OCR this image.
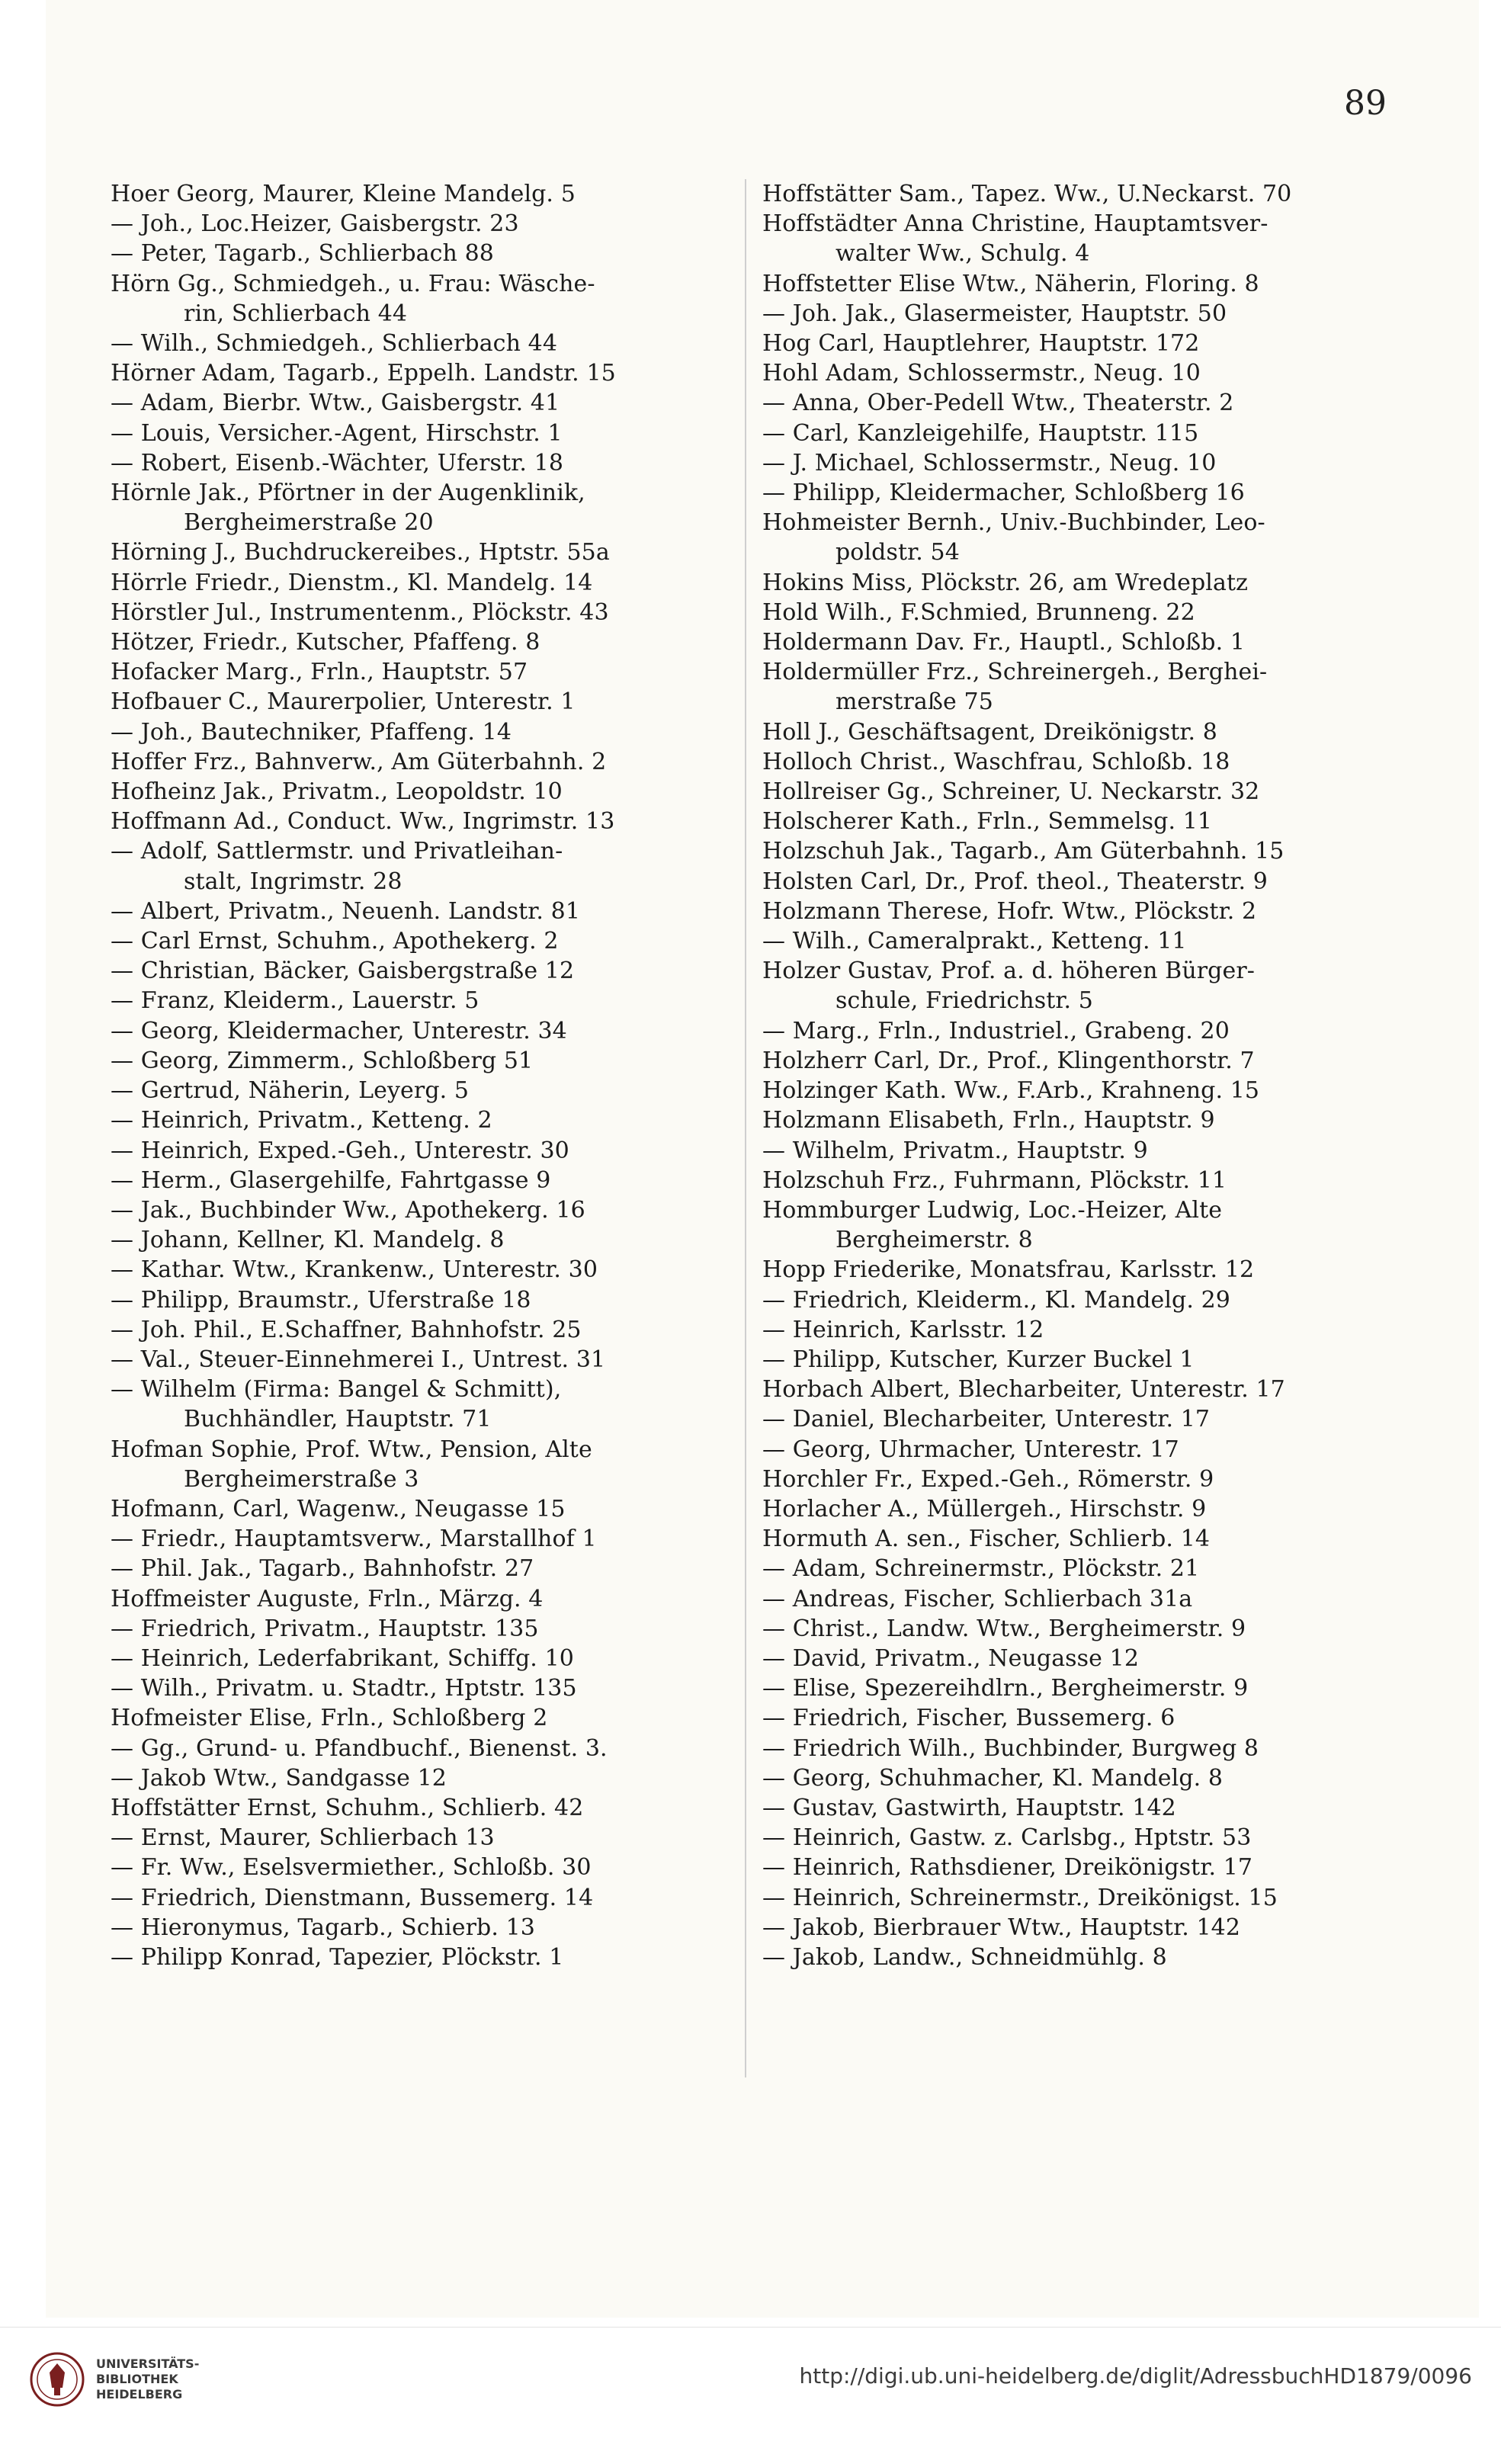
89
Hoer Georg, Maurer, Kleine Mandelg. 5
— Joh., Loc.Heizer, Gaisbergstr. 23
— Peter, Tagarb., Schlierbach 88
Hörn Gg., Schmiedgeh., u. Frau: Wäsche-
rin, Schlierbach 44
— Wilh., Schmiedgeh., Schlierbach 44
Hörner Adam, Tagarb., Eppelh. Landstr. 15
— Adam, Bierbr. Wtw., Gaisbergstr. 41
— Louis, Versicher.-Agent, Hirschstr. 1
— Robert, Eisenb.-Wächter, Uferstr. 18
Hörnle Jak., Pförtner in der Augenklinik,
Bergheimerstraße 20
Hörning J., Buchdruckereibes., Hptstr. 55a
Hörrle Friedr., Dienstm., Kl. Mandelg. 14
Hörstler Jul., Instrumentenm., Plöckstr. 43
Hötzer, Friedr., Kutscher, Pfaffeng. 8
Hofacker Marg., Frln., Hauptstr. 57
Hofbauer C., Maurerpolier, Unterestr. 1
— Joh., Bautechniker, Pfaffeng. 14
Hoffer Frz., Bahnverw., Am Güterbahnh. 2
Hofheinz Jak., Privatm., Leopoldstr. 10
Hoffmann Ad., Conduct. Ww., Ingrimstr. 13
— Adolf, Sattlermstr. und Privatleihan-
stalt, Ingrimstr. 28
— Albert, Privatm., Neuenh. Landstr. 81
— Carl Ernst, Schuhm., Apothekerg. 2
— Christian, Bäcker, Gaisbergstraße 12
— Franz, Kleiderm., Lauerstr. 5
— Georg, Kleidermacher, Unterestr. 34
— Georg, Zimmerm., Schloßberg 51
— Gertrud, Näherin, Leyerg. 5
— Heinrich, Privatm., Ketteng. 2
— Heinrich, Exped.-Geh., Unterestr. 30
— Herm., Glasergehilfe, Fahrtgasse 9
— Jak., Buchbinder Ww., Apothekerg. 16
— Johann, Kellner, Kl. Mandelg. 8
— Kathar. Wtw., Krankenw., Unterestr. 30
— Philipp, Braumstr., Uferstraße 18
— Joh. Phil., E.Schaffner, Bahnhofstr. 25
— Val., Steuer-Einnehmerei I., Untrest. 31
— Wilhelm (Firma: Bangel & Schmitt),
Buchhändler, Hauptstr. 71
Hofman Sophie, Prof. Wtw., Pension, Alte
Bergheimerstraße 3
Hofmann, Carl, Wagenw., Neugasse 15
— Friedr., Hauptamtsverw., Marstallhof 1
— Phil. Jak., Tagarb., Bahnhofstr. 27
Hoffmeister Auguste, Frln., Märzg. 4
— Friedrich, Privatm., Hauptstr. 135
— Heinrich, Lederfabrikant, Schiffg. 10
— Wilh., Privatm. u. Stadtr., Hptstr. 135
Hofmeister Elise, Frln., Schloßberg 2
— Gg., Grund- u. Pfandbuchf., Bienenst. 3.
— Jakob Wtw., Sandgasse 12
Hoffstätter Ernst, Schuhm., Schlierb. 42
— Ernst, Maurer, Schlierbach 13
— Fr. Ww., Eselsvermiether., Schloßb. 30
— Friedrich, Dienstmann, Bussemerg. 14
— Hieronymus, Tagarb., Schierb. 13
— Philipp Konrad, Tapezier, Plöckstr. 1
Hoffstätter Sam., Tapez. Ww., U.Neckarst. 70
Hoffstädter Anna Christine, Hauptamtsver-
walter Ww., Schulg. 4
Hoffstetter Elise Wtw., Näherin, Floring. 8
— Joh. Jak., Glasermeister, Hauptstr. 50
Hog Carl, Hauptlehrer, Hauptstr. 172
Hohl Adam, Schlossermstr., Neug. 10
— Anna, Ober-Pedell Wtw., Theaterstr. 2
— Carl, Kanzleigehilfe, Hauptstr. 115
— J. Michael, Schlossermstr., Neug. 10
— Philipp, Kleidermacher, Schloßberg 16
Hohmeister Bernh., Univ.-Buchbinder, Leo-
poldstr. 54
Hokins Miss, Plöckstr. 26, am Wredeplatz
Hold Wilh., F.Schmied, Brunneng. 22
Holdermann Dav. Fr., Hauptl., Schloßb. 1
Holdermüller Frz., Schreinergeh., Berghei-
merstraße 75
Holl J., Geschäftsagent, Dreikönigstr. 8
Holloch Christ., Waschfrau, Schloßb. 18
Hollreiser Gg., Schreiner, U. Neckarstr. 32
Holscherer Kath., Frln., Semmelsg. 11
Holzschuh Jak., Tagarb., Am Güterbahnh. 15
Holsten Carl, Dr., Prof. theol., Theaterstr. 9
Holzmann Therese, Hofr. Wtw., Plöckstr. 2
— Wilh., Cameralprakt., Ketteng. 11
Holzer Gustav, Prof. a. d. höheren Bürger-
schule, Friedrichstr. 5
— Marg., Frln., Industriel., Grabeng. 20
Holzherr Carl, Dr., Prof., Klingenthorstr. 7
Holzinger Kath. Ww., F.Arb., Krahneng. 15
Holzmann Elisabeth, Frln., Hauptstr. 9
— Wilhelm, Privatm., Hauptstr. 9
Holzschuh Frz., Fuhrmann, Plöckstr. 11
Hommburger Ludwig, Loc.-Heizer, Alte
Bergheimerstr. 8
Hopp Friederike, Monatsfrau, Karlsstr. 12
— Friedrich, Kleiderm., Kl. Mandelg. 29
— Heinrich, Karlsstr. 12
— Philipp, Kutscher, Kurzer Buckel 1
Horbach Albert, Blecharbeiter, Unterestr. 17
— Daniel, Blecharbeiter, Unterestr. 17
— Georg, Uhrmacher, Unterestr. 17
Horchler Fr., Exped.-Geh., Römerstr. 9
Horlacher A., Müllergeh., Hirschstr. 9
Hormuth A. sen., Fischer, Schlierb. 14
— Adam, Schreinermstr., Plöckstr. 21
— Andreas, Fischer, Schlierbach 31a
— Christ., Landw. Wtw., Bergheimerstr. 9
— David, Privatm., Neugasse 12
— Elise, Spezereihdlrn., Bergheimerstr. 9
— Friedrich, Fischer, Bussemerg. 6
— Friedrich Wilh., Buchbinder, Burgweg 8
— Georg, Schuhmacher, Kl. Mandelg. 8
— Gustav, Gastwirth, Hauptstr. 142
— Heinrich, Gastw. z. Carlsbg., Hptstr. 53
— Heinrich, Rathsdiener, Dreikönigstr. 17
— Heinrich, Schreinermstr., Dreikönigst. 15
— Jakob, Bierbrauer Wtw., Hauptstr. 142
— Jakob, Landw., Schneidmühlg. 8
UNIVERSITÄTS-
BIBLIOTHEK
HEIDELBERG
http://digi.ub.uni-heidelberg.de/diglit/AdressbuchHD1879/0096
